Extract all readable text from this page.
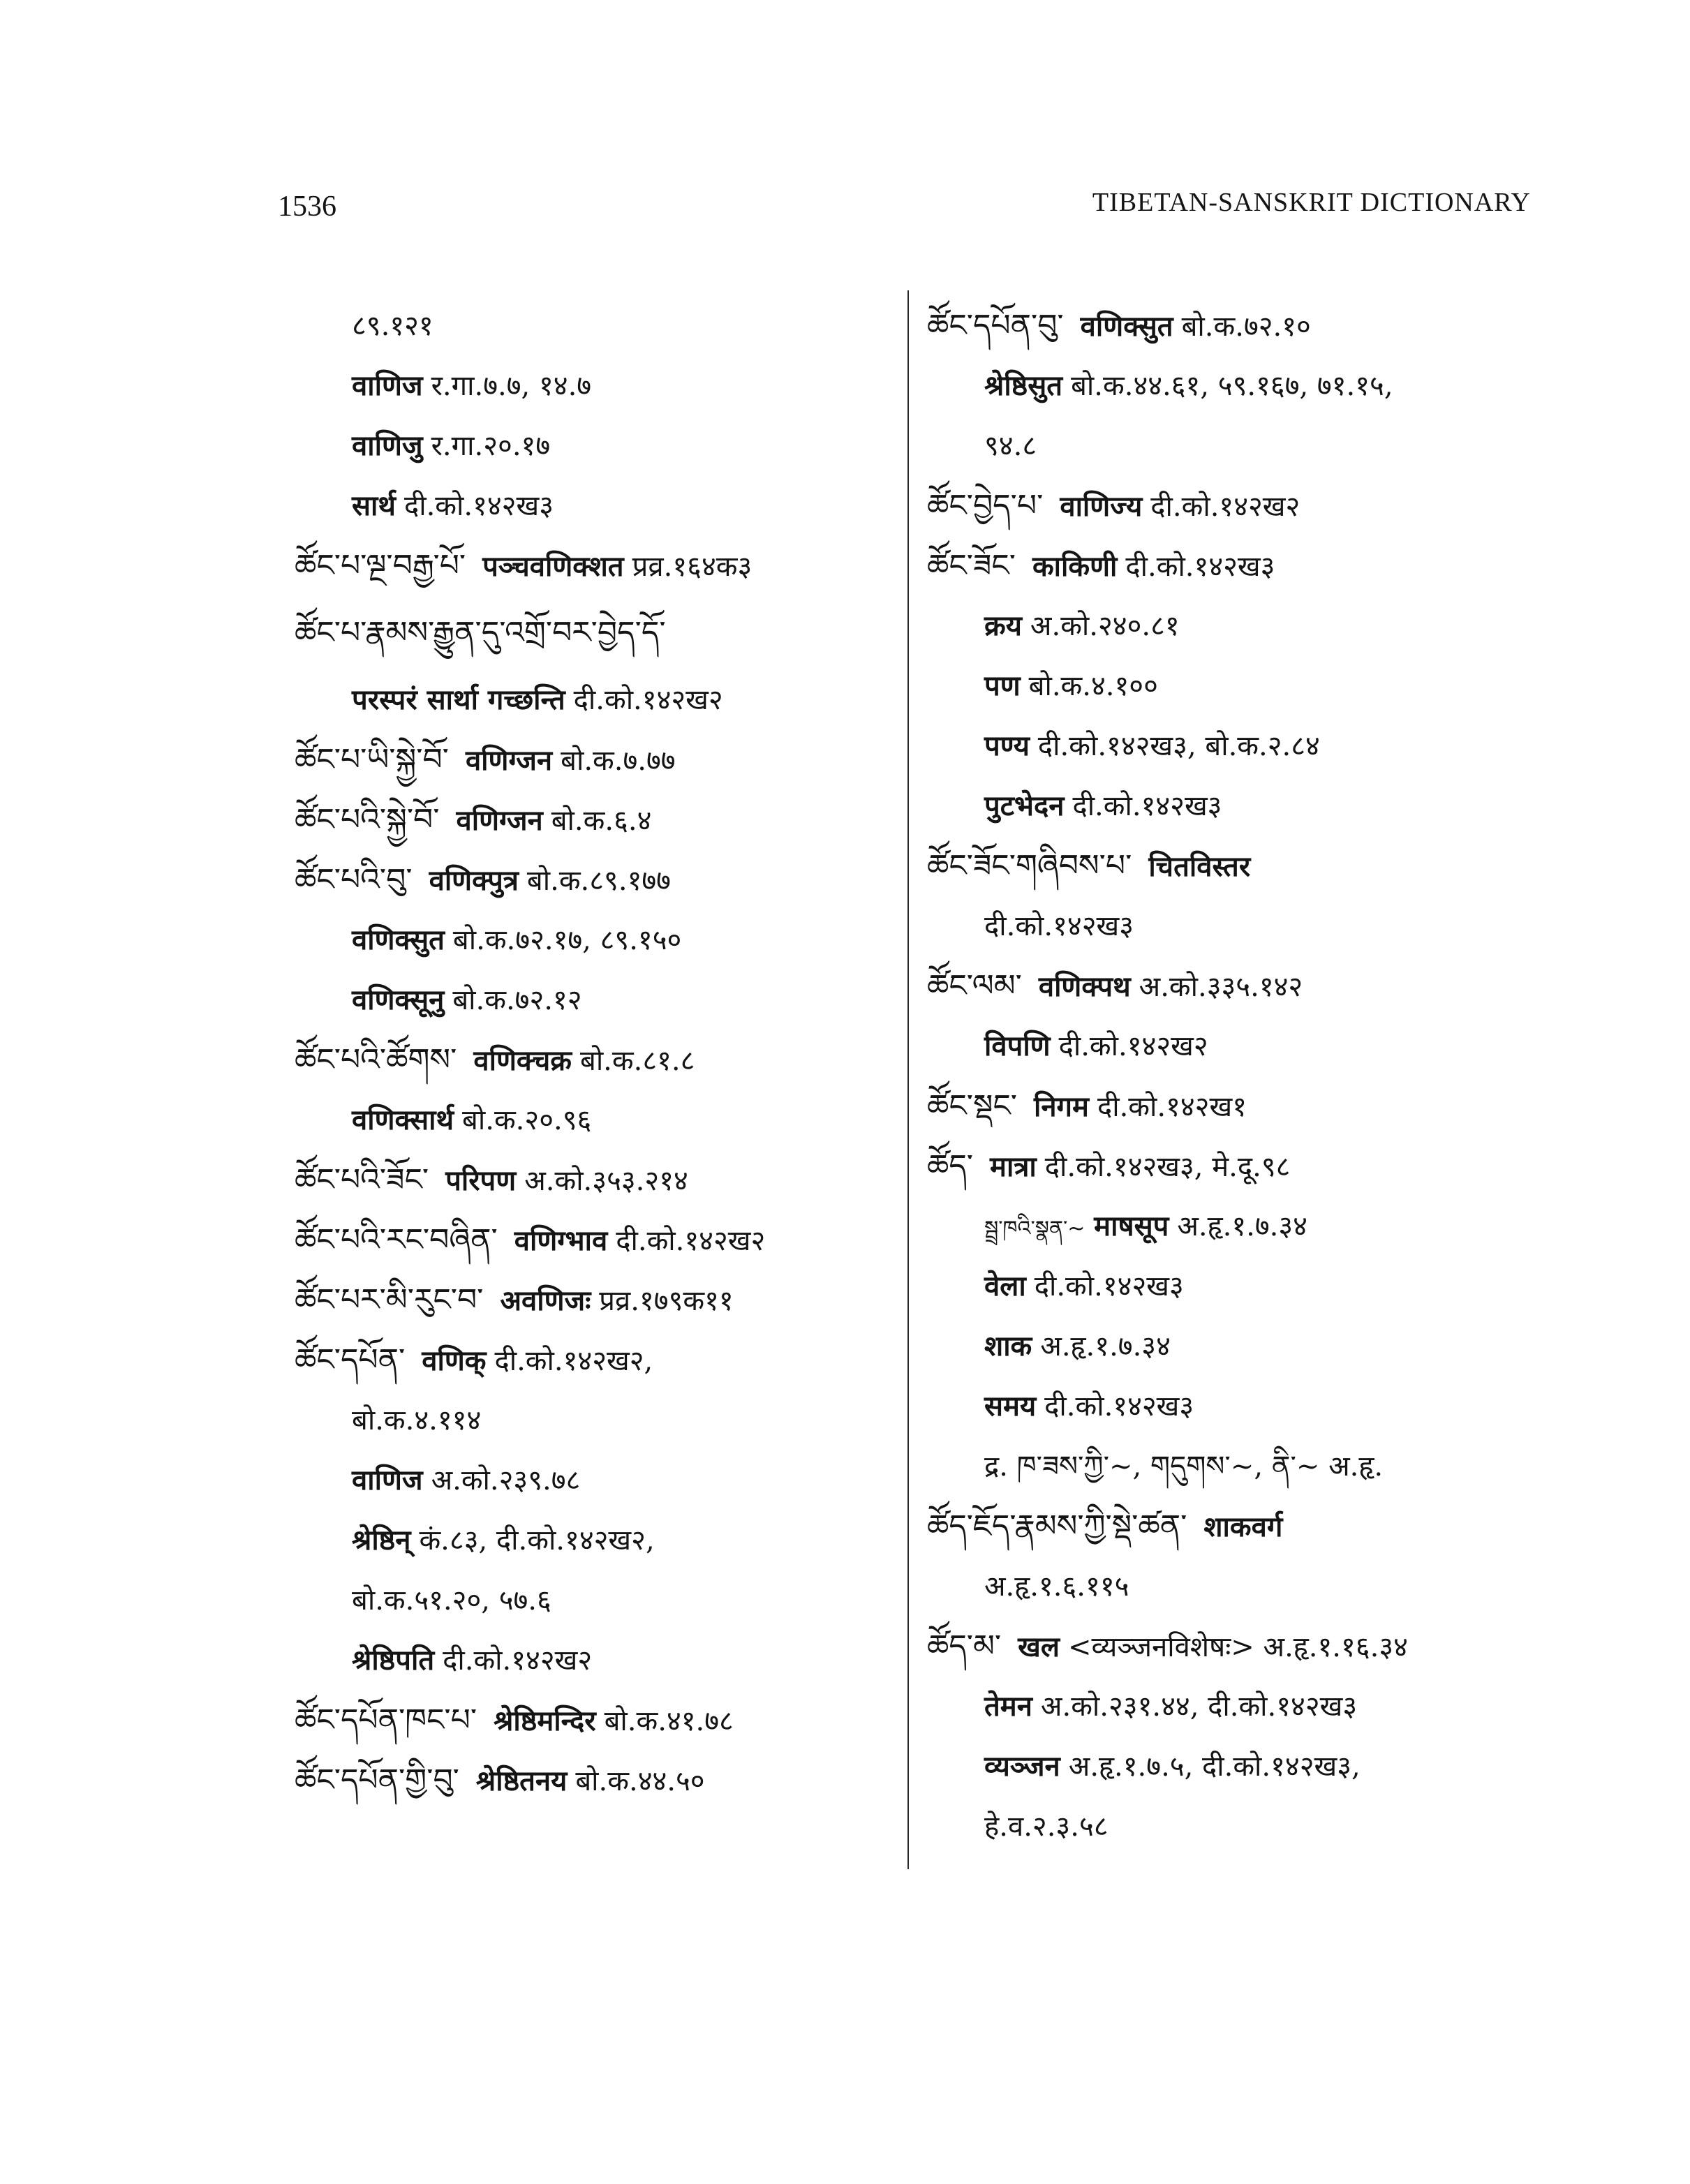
1536	TIBETAN-SANSKRIT DICTIONARY
८९.१२१
वाणिज र.गा.७.७, १४.७
वाणिजु र.गा.२०.१७
सार्थ दी.को.१४२ख३
ཚོང་པ་ལྔ་བརྒྱ་པོ་ पञ्चवणिक्शत प्रव्र.१६४क३
ཚོང་པ་རྣམས་རྒྱུན་དུ་འགྲོ་བར་བྱེད་དོ་
परस्परं सार्था गच्छन्ति दी.को.१४२ख२
ཚོང་པ་ཡི་སྐྱེ་བོ་ वणिग्जन बो.क.७.७७
ཚོང་པའི་སྐྱེ་བོ་ वणिग्जन बो.क.६.४
ཚོང་པའི་བུ་ वणिक्पुत्र बो.क.८९.१७७
वणिक्सुत बो.क.७२.१७, ८९.१५०
वणिक्सूनु बो.क.७२.१२
ཚོང་པའི་ཚོགས་ वणिक्चक्र बो.क.८१.८
वणिक्सार्थ बो.क.२०.९६
ཚོང་པའི་ཟོང་ परिपण अ.को.३५३.२१४
ཚོང་པའི་རང་བཞིན་ वणिग्भाव दी.को.१४२ख२
ཚོང་པར་མི་རུང་བ་ अवणिजः प्रव्र.१७९क११
ཚོང་དཔོན་ वणिक् दी.को.१४२ख२,
बो.क.४.११४
वाणिज अ.को.२३९.७८
श्रेष्ठिन् कं.८३, दी.को.१४२ख२,
बो.क.५१.२०, ५७.६
श्रेष्ठिपति दी.को.१४२ख२
ཚོང་དཔོན་ཁང་པ་ श्रेष्ठिमन्दिर बो.क.४१.७८
ཚོང་དཔོན་གྱི་བུ་ श्रेष्ठितनय बो.क.४४.५०
ཚོང་དཔོན་བུ་ वणिक्सुत बो.क.७२.१०
श्रेष्ठिसुत बो.क.४४.६१, ५९.१६७, ७१.१५,
९४.८
ཚོང་བྱེད་པ་ वाणिज्य दी.को.१४२ख२
ཚོང་ཟོང་ काकिणी दी.को.१४२ख३
क्रय अ.को.२४०.८१
पण बो.क.४.१००
पण्य दी.को.१४२ख३, बो.क.२.८४
पुटभेदन दी.को.१४२ख३
ཚོང་ཟོང་གཞིབས་པ་ चितविस्तर
दी.को.१४२ख३
ཚོང་ལམ་ वणिक्पथ अ.को.३३५.१४२
विपणि दी.को.१४२ख२
ཚོང་སྡང་ निगम दी.को.१४२ख१
ཚོད་ मात्रा दी.को.१४२ख३, मे.दू.९८
སྦྲ་ཁའི་སྣན་~ माषसूप अ.हृ.१.७.३४
वेला दी.को.१४२ख३
शाक अ.हृ.१.७.३४
समय दी.को.१४२ख३
द्र. ཁ་ཟས་ཀྱི་~, གདུགས་~, ནི་~ अ.हृ.
ཚོད་ཇོད་རྣམས་ཀྱི་སྡེ་ཚན་ शाकवर्ग
अ.हृ.१.६.११५
ཚོད་མ་ खल <व्यञ्जनविशेषः> अ.हृ.१.१६.३४
तेमन अ.को.२३१.४४, दी.को.१४२ख३
व्यञ्जन अ.हृ.१.७.५, दी.को.१४२ख३,
हे.व.२.३.५८
